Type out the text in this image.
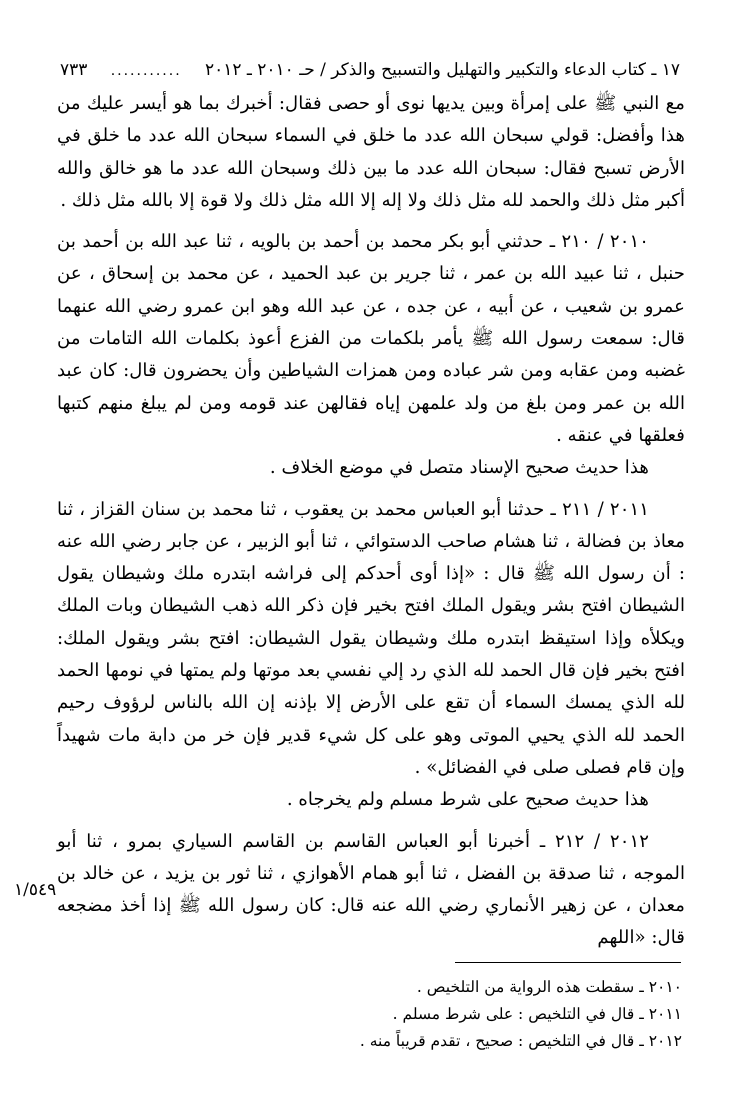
١٧ ـ كتاب الدعاء والتكبير والتهليل والتسبيح والذكر / حـ ٢٠١٠ ـ ٢٠١٢
...........
٧٣٣

مع النبي ﷺ على إمرأة وبين يديها نوى أو حصى فقال: أخبرك بما هو أيسر عليك من هذا وأفضل: قولي سبحان الله عدد ما خلق في السماء سبحان الله عدد ما خلق في الأرض تسبح فقال: سبحان الله عدد ما بين ذلك وسبحان الله عدد ما هو خالق والله أكبر مثل ذلك والحمد لله مثل ذلك ولا إله إلا الله مثل ذلك ولا قوة إلا بالله مثل ذلك .

٢٠١٠ / ٢١٠ ـ حدثني أبو بكر محمد بن أحمد بن بالويه ، ثنا عبد الله بن أحمد بن حنبل ، ثنا عبيد الله بن عمر ، ثنا جرير بن عبد الحميد ، عن محمد بن إسحاق ، عن عمرو بن شعيب ، عن أبيه ، عن جده ، عن عبد الله وهو ابن عمرو رضي الله عنهما قال: سمعت رسول الله ﷺ يأمر بلكمات من الفزع أعوذ بكلمات الله التامات من غضبه ومن عقابه ومن شر عباده ومن همزات الشياطين وأن يحضرون قال: كان عبد الله بن عمر ومن بلغ من ولد علمهن إياه فقالهن عند قومه ومن لم يبلغ منهم كتبها فعلقها في عنقه .

هذا حديث صحيح الإسناد متصل في موضع الخلاف .

٢٠١١ / ٢١١ ـ حدثنا أبو العباس محمد بن يعقوب ، ثنا محمد بن سنان القزاز ، ثنا معاذ بن فضالة ، ثنا هشام صاحب الدستوائي ، ثنا أبو الزبير ، عن جابر رضي الله عنه : أن رسول الله ﷺ قال : «إذا أوى أحدكم إلى فراشه ابتدره ملك وشيطان يقول الشيطان افتح بشر ويقول الملك افتح بخير فإن ذكر الله ذهب الشيطان وبات الملك ويكلأه وإذا استيقظ ابتدره ملك وشيطان يقول الشيطان: افتح بشر ويقول الملك: افتح بخير فإن قال الحمد لله الذي رد إلي نفسي بعد موتها ولم يمتها في نومها الحمد لله الذي يمسك السماء أن تقع على الأرض إلا بإذنه إن الله بالناس لرؤوف رحيم الحمد لله الذي يحيي الموتى وهو على كل شيء قدير فإن خر من دابة مات شهيداً وإن قام فصلى صلى في الفضائل» .

هذا حديث صحيح على شرط مسلم ولم يخرجاه .

٢٠١٢ / ٢١٢ ـ أخبرنا أبو العباس القاسم بن القاسم السياري بمرو ، ثنا أبو الموجه ، ثنا صدقة بن الفضل ، ثنا أبو همام الأهوازي ، ثنا ثور بن يزيد ، عن خالد بن معدان ، عن زهير الأنماري رضي الله عنه قال: كان رسول الله ﷺ إذا أخذ مضجعه قال: «اللهم

١/٥٤٩

٢٠١٠ ـ سقطت هذه الرواية من التلخيص .

٢٠١١ ـ قال في التلخيص : على شرط مسلم .

٢٠١٢ ـ قال في التلخيص : صحيح ، تقدم قريباً منه .
